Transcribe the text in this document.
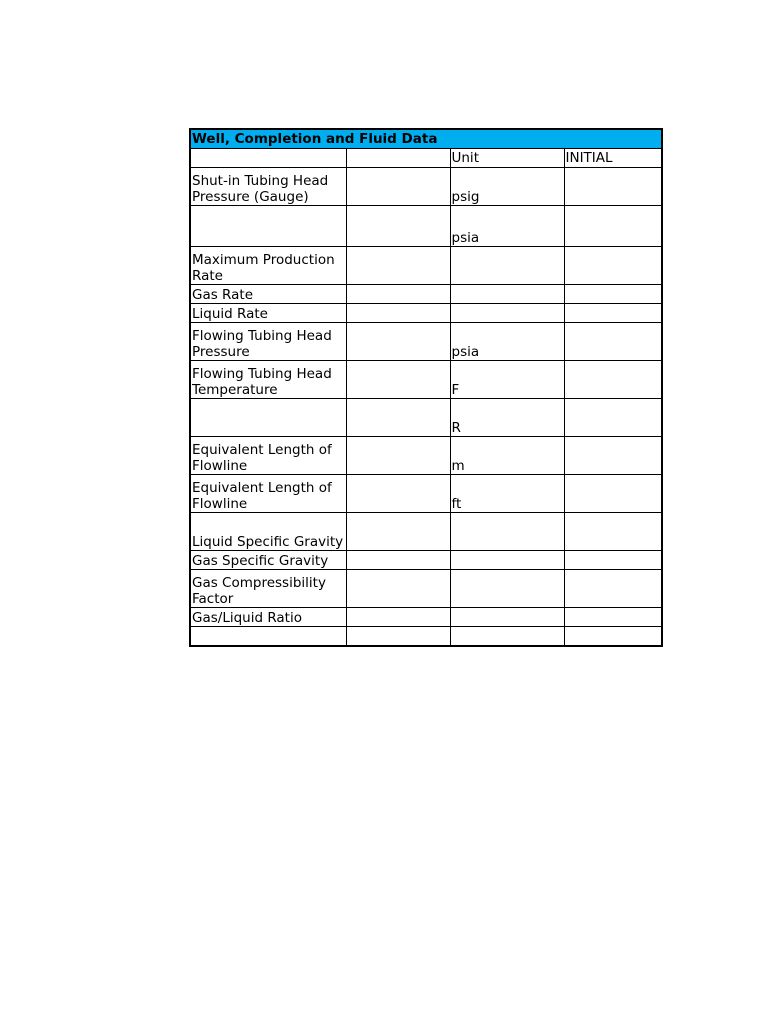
Well, Completion and Fluid Data			
		Unit	INITIAL
Shut-in Tubing Head Pressure (Gauge)		psig	
		psia	
Maximum Production Rate			
Gas Rate			
Liquid Rate			
Flowing Tubing Head Pressure		psia	
Flowing Tubing Head Temperature		F	
		R	
Equivalent Length of Flowline		m	
Equivalent Length of Flowline		ft	
Liquid Specific Gravity			
Gas Specific Gravity			
Gas Compressibility Factor			
Gas/Liquid Ratio			
